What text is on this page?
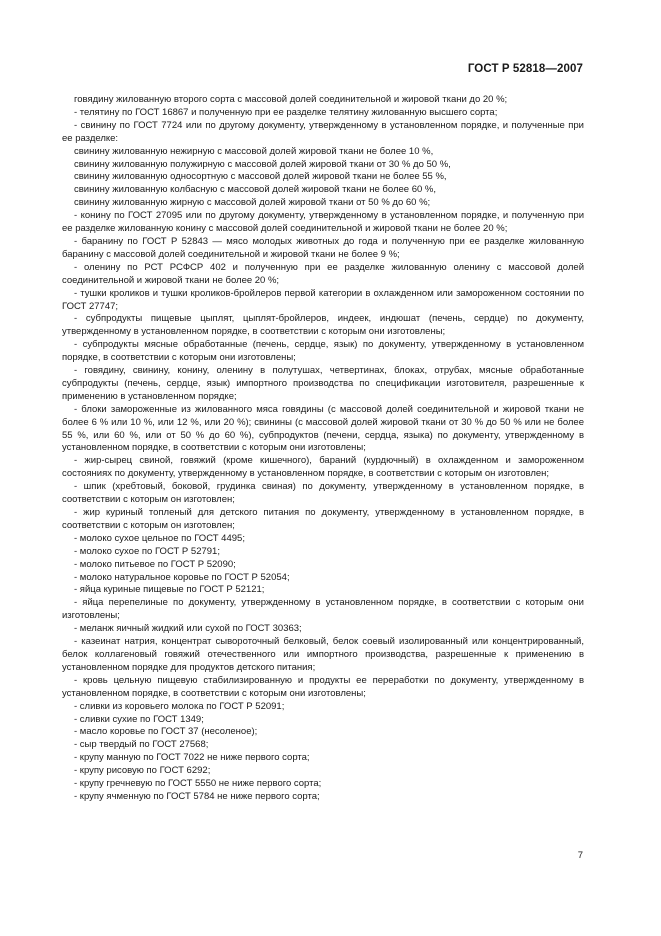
ГОСТ Р 52818—2007

говядину жилованную второго сорта с массовой долей соединительной и жировой ткани до 20 %;

- телятину по ГОСТ 16867 и полученную при ее разделке телятину жилованную высшего сорта;

- свинину по ГОСТ 7724 или по другому документу, утвержденному в установленном порядке, и полученные при ее разделке:

свинину жилованную нежирную с массовой долей жировой ткани не более 10 %,

свинину жилованную полужирную с массовой долей жировой ткани от 30 % до 50 %,

свинину жилованную односортную с массовой долей жировой ткани не более 55 %,

свинину жилованную колбасную с массовой долей жировой ткани не более 60 %,

свинину жилованную жирную с массовой долей жировой ткани от 50 % до 60 %;

- конину по ГОСТ 27095 или по другому документу, утвержденному в установленном порядке, и полученную при ее разделке жилованную конину с массовой долей соединительной и жировой ткани не более 20 %;

- баранину по ГОСТ Р 52843 — мясо молодых животных до года и полученную при ее разделке жилованную баранину с массовой долей соединительной и жировой ткани не более 9 %;

- оленину по РСТ РСФСР 402 и полученную при ее разделке жилованную оленину с массовой долей соединительной и жировой ткани не более 20 %;

- тушки кроликов и тушки кроликов-бройлеров первой категории в охлажденном или замороженном состоянии по ГОСТ 27747;

- субпродукты пищевые цыплят, цыплят-бройлеров, индеек, индюшат (печень, сердце) по документу, утвержденному в установленном порядке, в соответствии с которым они изготовлены;

- субпродукты мясные обработанные (печень, сердце, язык) по документу, утвержденному в установленном порядке, в соответствии с которым они изготовлены;

- говядину, свинину, конину, оленину в полутушах, четвертинах, блоках, отрубах, мясные обработанные субпродукты (печень, сердце, язык) импортного производства по спецификации изготовителя, разрешенные к применению в установленном порядке;

- блоки замороженные из жилованного мяса говядины (с массовой долей соединительной и жировой ткани не более 6 % или 10 %, или 12 %, или 20 %); свинины (с массовой долей жировой ткани от 30 % до 50 % или не более 55 %, или 60 %, или от 50 % до 60 %), субпродуктов (печени, сердца, языка) по документу, утвержденному в установленном порядке, в соответствии с которым они изготовлены;

- жир-сырец свиной, говяжий (кроме кишечного), бараний (курдючный) в охлажденном и замороженном состояниях по документу, утвержденному в установленном порядке, в соответствии с которым он изготовлен;

- шпик (хребтовый, боковой, грудинка свиная) по документу, утвержденному в установленном порядке, в соответствии с которым он изготовлен;

- жир куриный топленый для детского питания по документу, утвержденному в установленном порядке, в соответствии с которым он изготовлен;

- молоко сухое цельное по ГОСТ 4495;

- молоко сухое по ГОСТ Р 52791;

- молоко питьевое по ГОСТ Р 52090;

- молоко натуральное коровье по ГОСТ Р 52054;

- яйца куриные пищевые по ГОСТ Р 52121;

- яйца перепелиные по документу, утвержденному в установленном порядке, в соответствии с которым они изготовлены;

- меланж яичный жидкий или сухой по ГОСТ 30363;

- казеинат натрия, концентрат сывороточный белковый, белок соевый изолированный или концентрированный, белок коллагеновый говяжий отечественного или импортного производства, разрешенные к применению в установленном порядке для продуктов детского питания;

- кровь цельную пищевую стабилизированную и продукты ее переработки по документу, утвержденному в установленном порядке, в соответствии с которым они изготовлены;

- сливки из коровьего молока по ГОСТ Р 52091;

- сливки сухие по ГОСТ 1349;

- масло коровье по ГОСТ 37 (несоленое);

- сыр твердый по ГОСТ 27568;

- крупу манную по ГОСТ 7022 не ниже первого сорта;

- крупу рисовую по ГОСТ 6292;

- крупу гречневую по ГОСТ 5550 не ниже первого сорта;

- крупу ячменную по ГОСТ 5784 не ниже первого сорта;

7
